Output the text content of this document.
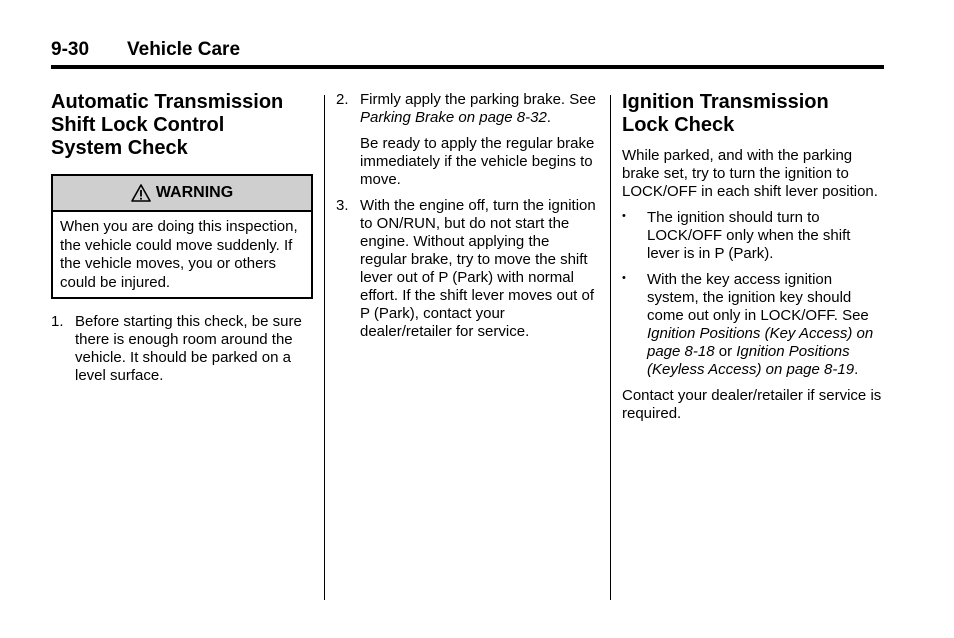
9-30 Vehicle Care
Automatic Transmission
Shift Lock Control
System Check
WARNING
When you are doing this inspection, the vehicle could move suddenly. If the vehicle moves, you or others could be injured.
1. Before starting this check, be sure there is enough room around the vehicle. It should be parked on a level surface.
2. Firmly apply the parking brake. See Parking Brake on page 8-32.
Be ready to apply the regular brake immediately if the vehicle begins to move.
3. With the engine off, turn the ignition to ON/RUN, but do not start the engine. Without applying the regular brake, try to move the shift lever out of P (Park) with normal effort. If the shift lever moves out of P (Park), contact your dealer/retailer for service.
Ignition Transmission
Lock Check
While parked, and with the parking brake set, try to turn the ignition to LOCK/OFF in each shift lever position.
•	The ignition should turn to LOCK/OFF only when the shift lever is in P (Park).
•	With the key access ignition system, the ignition key should come out only in LOCK/OFF. See Ignition Positions (Key Access) on page 8-18 or Ignition Positions (Keyless Access) on page 8-19.
Contact your dealer/retailer if service is required.
